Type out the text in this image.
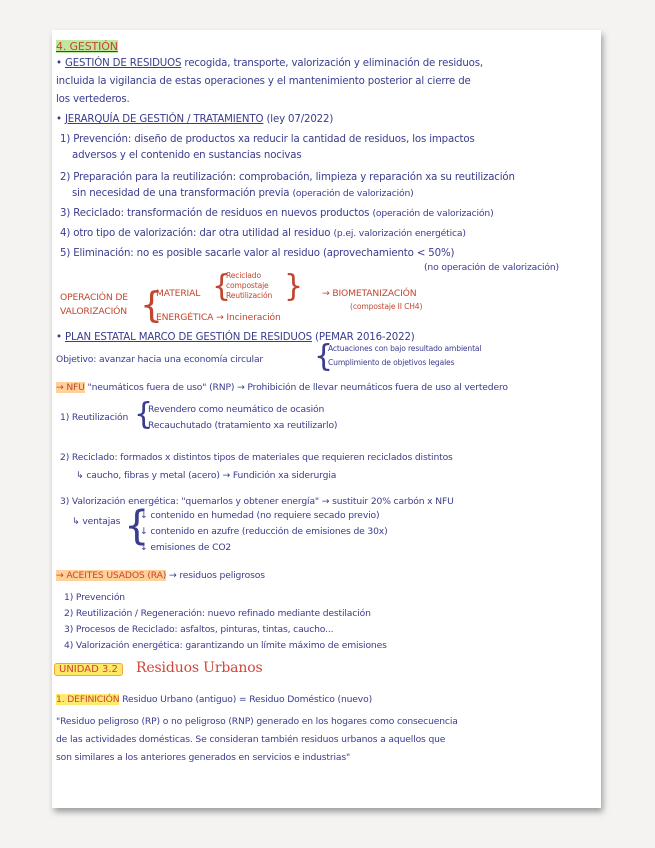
4. GESTIÓN
• GESTIÓN DE RESIDUOS recogida, transporte, valorización y eliminación de residuos,
incluida la vigilancia de estas operaciones y el mantenimiento posterior al cierre de
los vertederos.
• JERARQUÍA DE GESTIÓN / TRATAMIENTO (ley 07/2022)
1) Prevención: diseño de productos xa reducir la cantidad de residuos, los impactos
adversos y el contenido en sustancias nocivas
2) Preparación para la reutilización: comprobación, limpieza y reparación xa su reutilización
sin necesidad de una transformación previa (operación de valorización)
3) Reciclado: transformación de residuos en nuevos productos (operación de valorización)
4) otro tipo de valorización: dar otra utilidad al residuo (p.ej. valorización energética)
5) Eliminación: no es posible sacarle valor al residuo (aprovechamiento < 50%)
(no operación de valorización)
OPERACIÓN DE
VALORIZACIÓN {
MATERIAL {
Reciclado
compostaje
Reutilización } → BIOMETANIZACIÓN
(compostaje II CH4)
ENERGÉTICA → Incineración
• PLAN ESTATAL MARCO DE GESTIÓN DE RESIDUOS (PEMAR 2016-2022)
Objetivo: avanzar hacia una economía circular {
Actuaciones con bajo resultado ambiental
Cumplimiento de objetivos legales
→ NFU "neumáticos fuera de uso" (RNP) → Prohibición de llevar neumáticos fuera de uso al vertedero
1) Reutilización {
Revendero como neumático de ocasión
Recauchutado (tratamiento xa reutilizarlo)
2) Reciclado: formados x distintos tipos de materiales que requieren reciclados distintos
↳ caucho, fibras y metal (acero) → Fundición xa siderurgia
3) Valorización energética: "quemarlos y obtener energía" → sustituir 20% carbón x NFU
↳ ventajas {
↓ contenido en humedad (no requiere secado previo)
↓ contenido en azufre (reducción de emisiones de 30x)
↓ emisiones de CO2
→ ACEITES USADOS (RA) → residuos peligrosos
1) Prevención
2) Reutilización / Regeneración: nuevo refinado mediante destilación
3) Procesos de Reciclado: asfaltos, pinturas, tintas, caucho...
4) Valorización energética: garantizando un límite máximo de emisiones
UNIDAD 3.2	Residuos Urbanos
1. DEFINICIÓN Residuo Urbano (antiguo) = Residuo Doméstico (nuevo)
"Residuo peligroso (RP) o no peligroso (RNP) generado en los hogares como consecuencia
de las actividades domésticas. Se consideran también residuos urbanos a aquellos que
son similares a los anteriores generados en servicios e industrias"
